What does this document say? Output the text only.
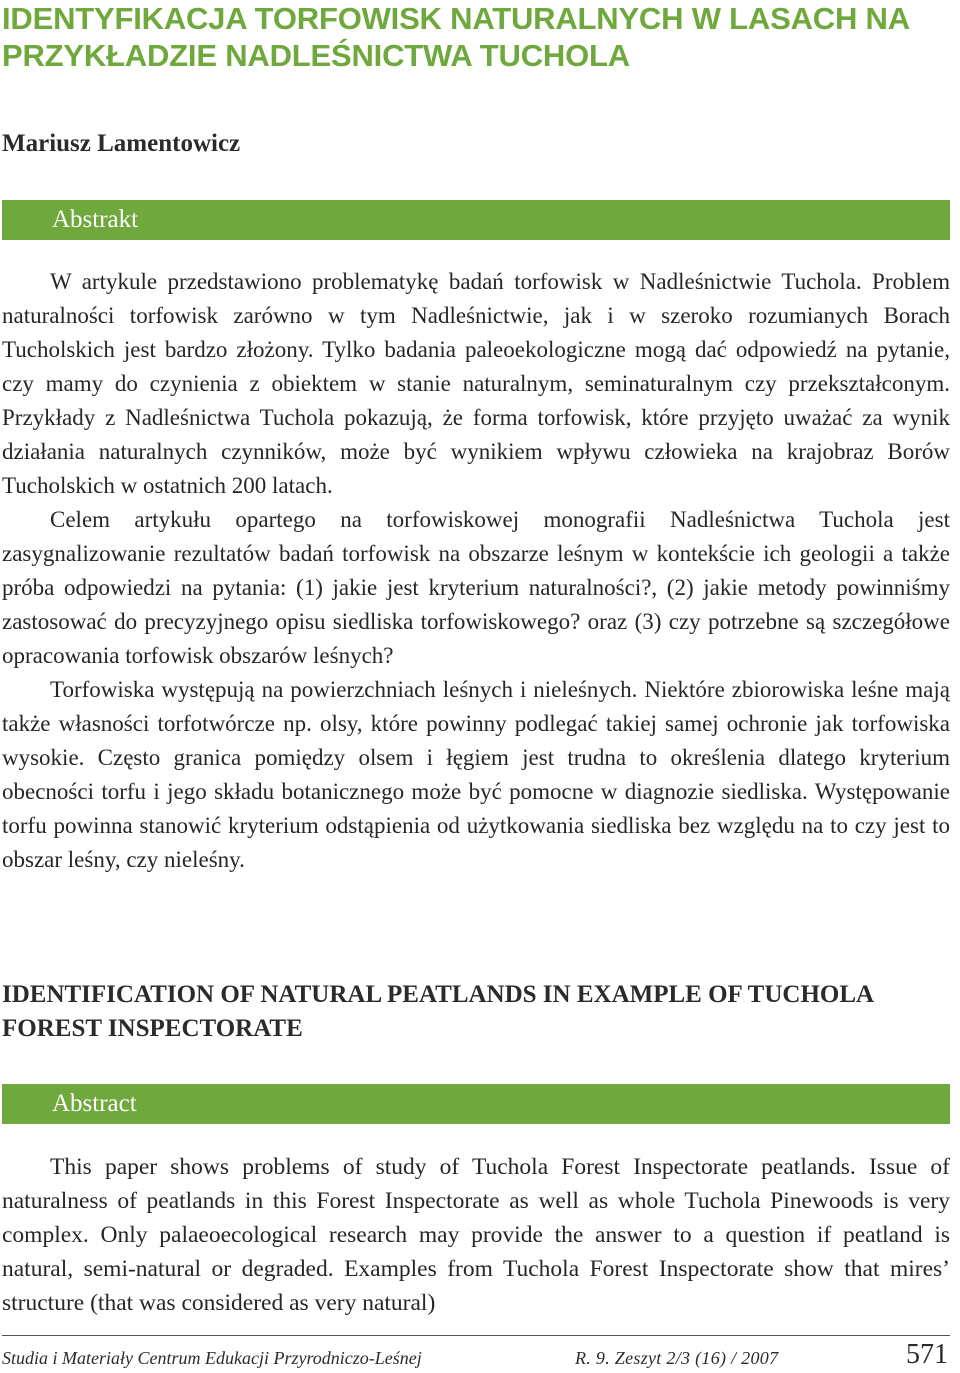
IDENTYFIKACJA TORFOWISK NATURALNYCH W LASACH NA PRZYKŁADZIE NADLEŚNICTWA TUCHOLA
Mariusz Lamentowicz
Abstrakt

W artykule przedstawiono problematykę badań torfowisk w Nadleśnictwie Tuchola. Problem naturalności torfowisk zarówno w tym Nadleśnictwie, jak i w szeroko rozumianych Borach Tucholskich jest bardzo złożony. Tylko badania paleoekologiczne mogą dać odpowiedź na pytanie, czy mamy do czynienia z obiektem w stanie naturalnym, seminaturalnym czy przekształconym. Przykłady z Nadleśnictwa Tuchola pokazują, że forma torfowisk, które przyjęto uważać za wynik działania naturalnych czynników, może być wynikiem wpływu człowieka na krajobraz Borów Tucholskich w ostatnich 200 latach.

Celem artykułu opartego na torfowiskowej monografii Nadleśnictwa Tuchola jest zasygnalizowanie rezultatów badań torfowisk na obszarze leśnym w kontekście ich geologii a także próba odpowiedzi na pytania: (1) jakie jest kryterium naturalności?, (2) jakie metody powinniśmy zastosować do precyzyjnego opisu siedliska torfowiskowego? oraz (3) czy potrzebne są szczegółowe opracowania torfowisk obszarów leśnych?

Torfowiska występują na powierzchniach leśnych i nieleśnych. Niektóre zbiorowiska leśne mają także własności torfotwórcze np. olsy, które powinny podlegać takiej samej ochronie jak torfowiska wysokie. Często granica pomiędzy olsem i łęgiem jest trudna to określenia dlatego kryterium obecności torfu i jego składu botanicznego może być pomocne w diagnozie siedliska. Występowanie torfu powinna stanowić kryterium odstąpienia od użytkowania siedliska bez względu na to czy jest to obszar leśny, czy nieleśny.

IDENTIFICATION OF NATURAL PEATLANDS IN EXAMPLE OF TUCHOLA FOREST INSPECTORATE
Abstract

This paper shows problems of study of Tuchola Forest Inspectorate peatlands. Issue of naturalness of peatlands in this Forest Inspectorate as well as whole Tuchola Pinewoods is very complex. Only palaeoecological research may provide the answer to a question if peatland is natural, semi-natural or degraded. Examples from Tuchola Forest Inspectorate show that mires’ structure (that was considered as very natural)

Studia i Materiały Centrum Edukacji Przyrodniczo-Leśnej	R. 9. Zeszyt 2/3 (16) / 2007	571
